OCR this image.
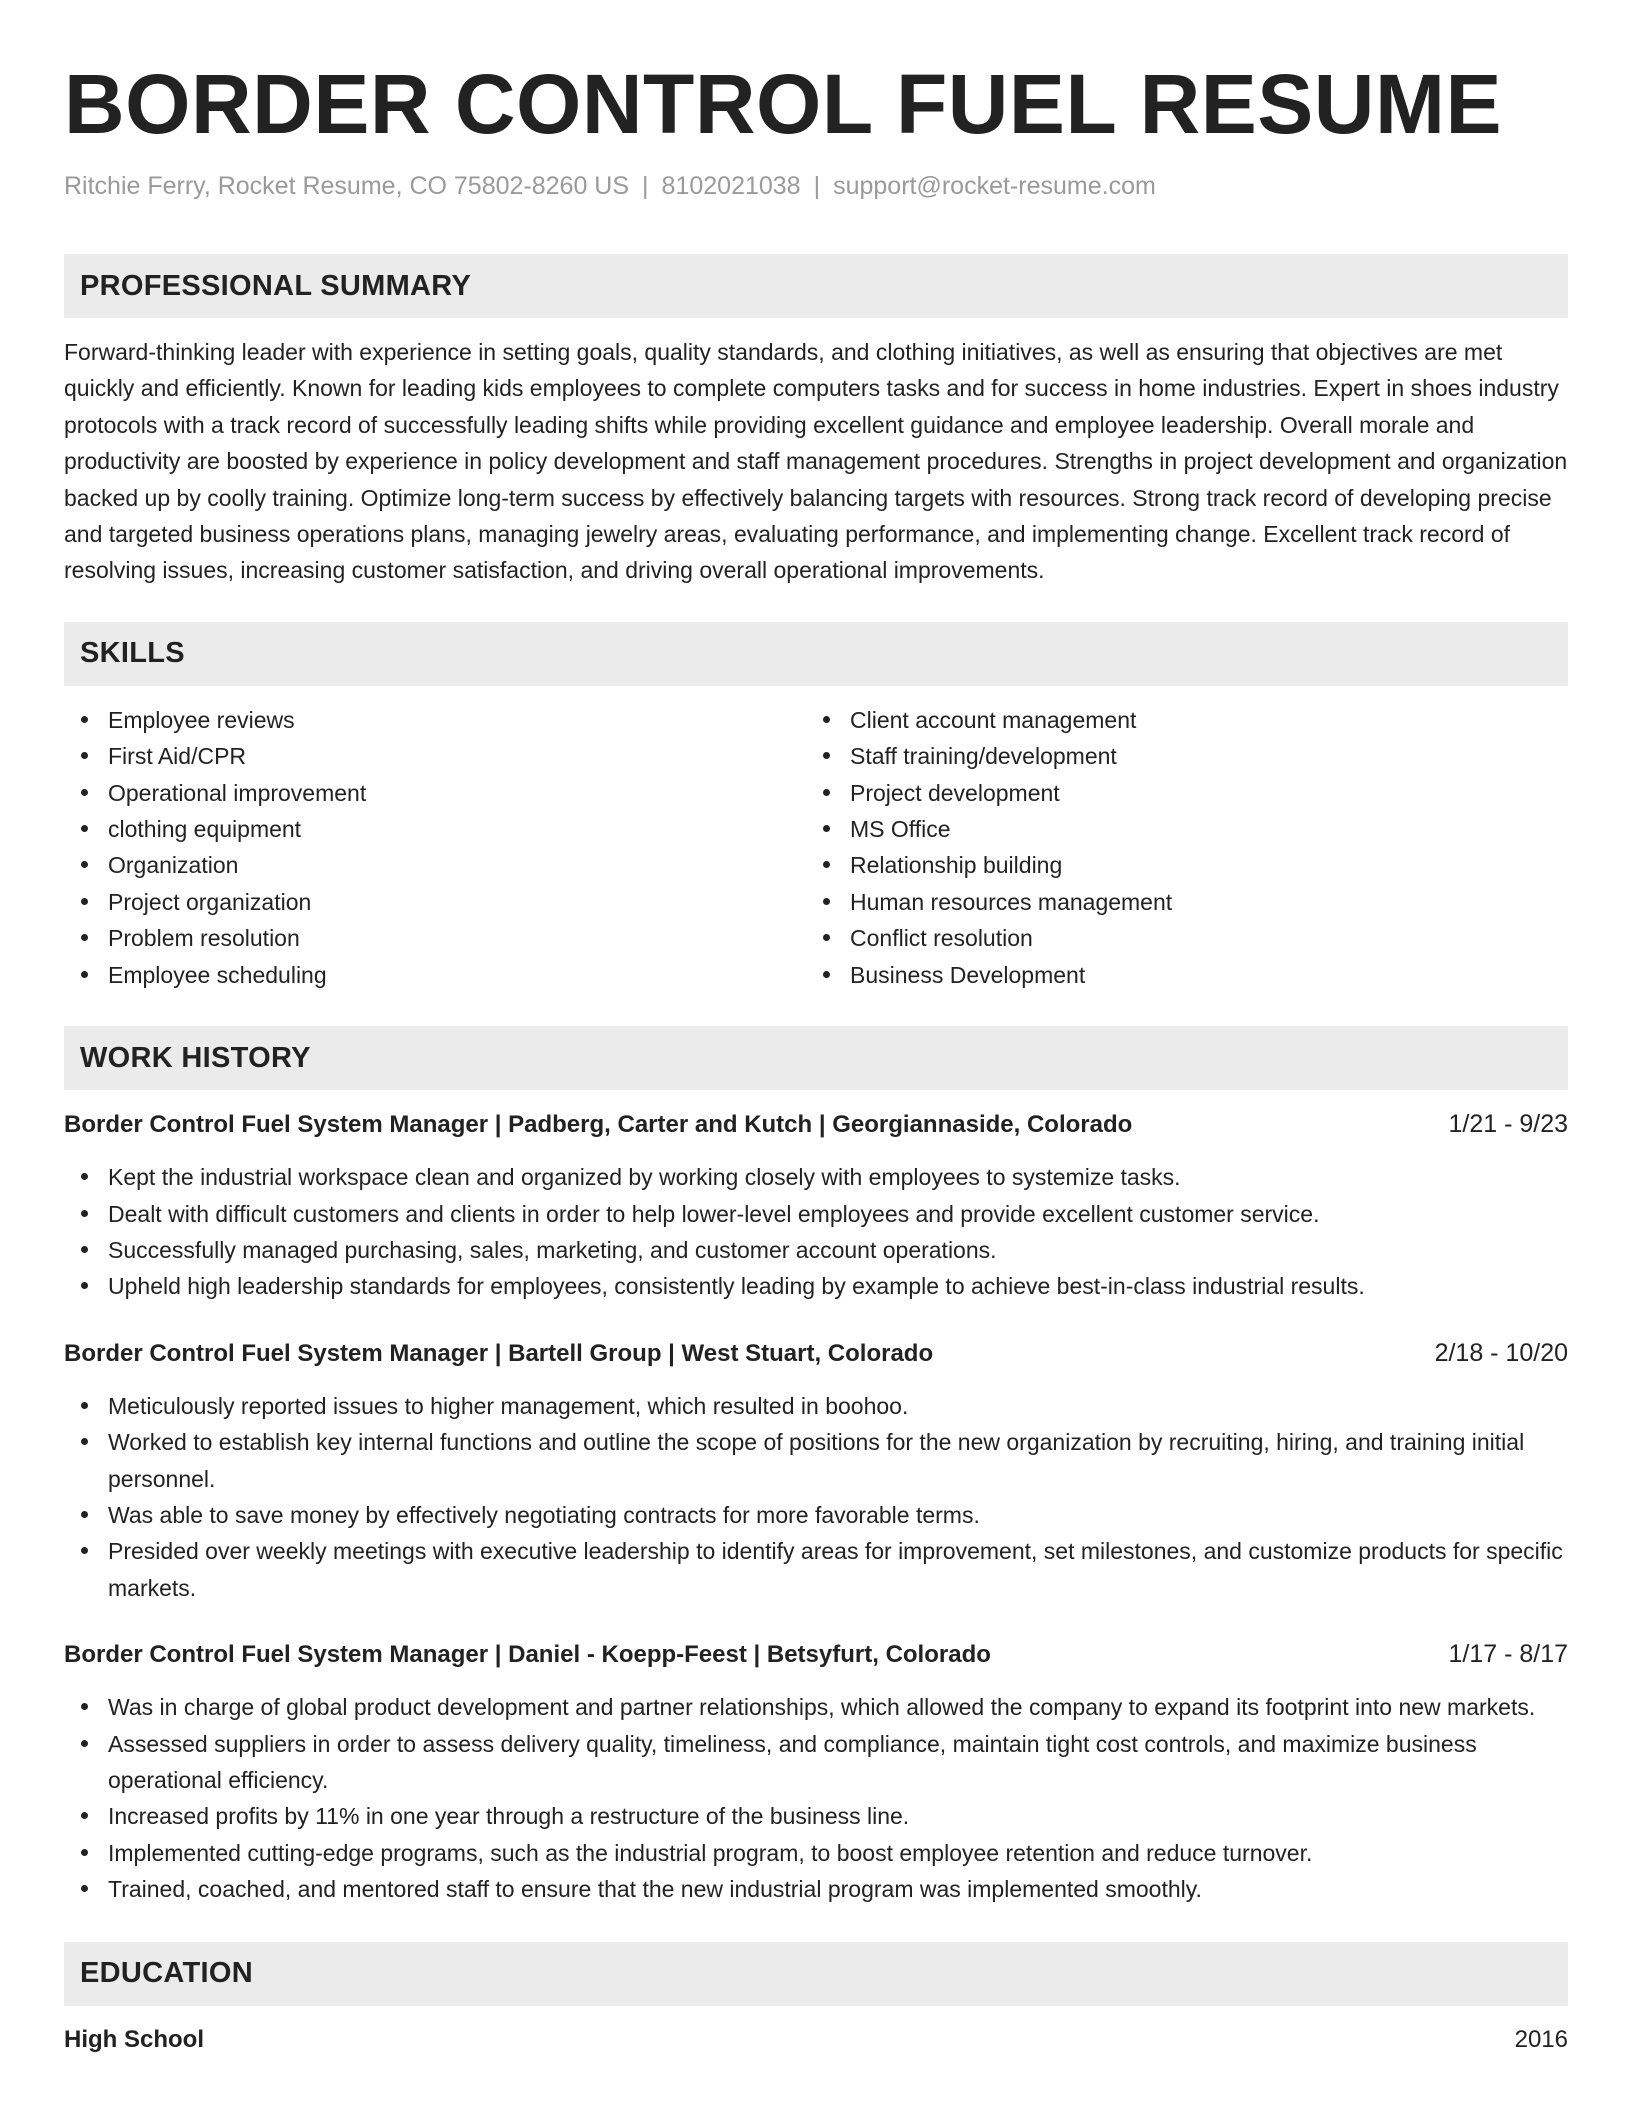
BORDER CONTROL FUEL RESUME
Ritchie Ferry, Rocket Resume, CO 75802-8260 US | 8102021038 | support@rocket-resume.com
PROFESSIONAL SUMMARY

Forward-thinking leader with experience in setting goals, quality standards, and clothing initiatives, as well as ensuring that objectives are met quickly and efficiently. Known for leading kids employees to complete computers tasks and for success in home industries. Expert in shoes industry protocols with a track record of successfully leading shifts while providing excellent guidance and employee leadership. Overall morale and productivity are boosted by experience in policy development and staff management procedures. Strengths in project development and organization backed up by coolly training. Optimize long-term success by effectively balancing targets with resources. Strong track record of developing precise and targeted business operations plans, managing jewelry areas, evaluating performance, and implementing change. Excellent track record of resolving issues, increasing customer satisfaction, and driving overall operational improvements.

SKILLS
Employee reviews
First Aid/CPR
Operational improvement
clothing equipment
Organization
Project organization
Problem resolution
Employee scheduling
Client account management
Staff training/development
Project development
MS Office
Relationship building
Human resources management
Conflict resolution
Business Development
WORK HISTORY
Border Control Fuel System Manager | Padberg, Carter and Kutch | Georgiannaside, Colorado	1/21 - 9/23
Kept the industrial workspace clean and organized by working closely with employees to systemize tasks.
Dealt with difficult customers and clients in order to help lower-level employees and provide excellent customer service.
Successfully managed purchasing, sales, marketing, and customer account operations.
Upheld high leadership standards for employees, consistently leading by example to achieve best-in-class industrial results.
Border Control Fuel System Manager | Bartell Group | West Stuart, Colorado	2/18 - 10/20
Meticulously reported issues to higher management, which resulted in boohoo.
Worked to establish key internal functions and outline the scope of positions for the new organization by recruiting, hiring, and training initial personnel.
Was able to save money by effectively negotiating contracts for more favorable terms.
Presided over weekly meetings with executive leadership to identify areas for improvement, set milestones, and customize products for specific markets.
Border Control Fuel System Manager | Daniel - Koepp-Feest | Betsyfurt, Colorado	1/17 - 8/17
Was in charge of global product development and partner relationships, which allowed the company to expand its footprint into new markets.
Assessed suppliers in order to assess delivery quality, timeliness, and compliance, maintain tight cost controls, and maximize business operational efficiency.
Increased profits by 11% in one year through a restructure of the business line.
Implemented cutting-edge programs, such as the industrial program, to boost employee retention and reduce turnover.
Trained, coached, and mentored staff to ensure that the new industrial program was implemented smoothly.
EDUCATION
High School	2016
